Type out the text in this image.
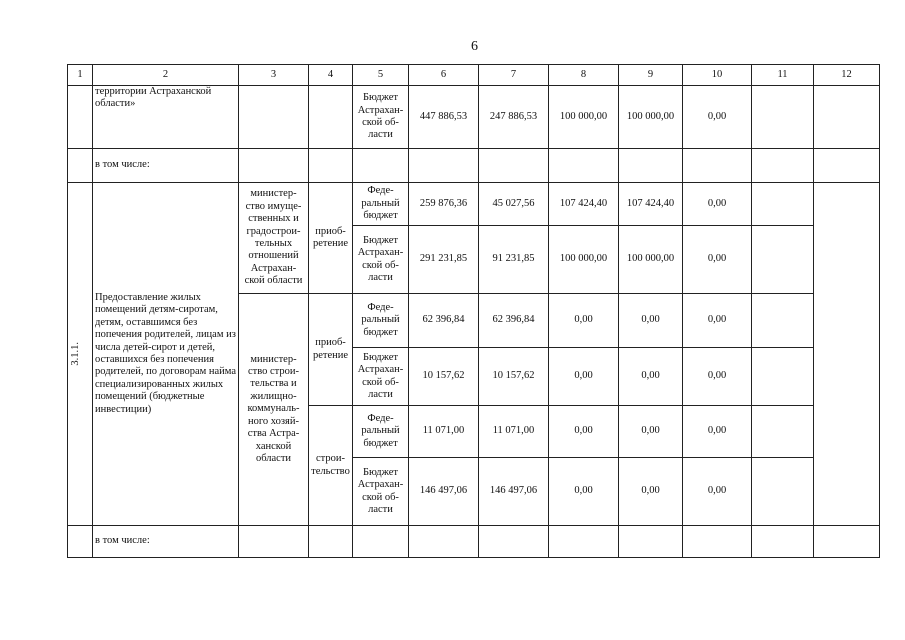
6
1	2	3	4	5	6	7	8	9	10	11	12
	территории Астраханской области»			Бюджет Астрахан-ской об-ласти	447 886,53	247 886,53	100 000,00	100 000,00	0,00		
	в том числе:										

3.1.1.	Предоставление жилых помещений детям-сиротам, детям, оставшимся без попечения родителей, лицам из числа детей-сирот и детей, оставшихся без попечения родителей, по договорам найма специализированных жилых помещений (бюджетные инвестиции)	министер-ство имуще-ственных и градострои-тельных отношений Астрахан-ской области	приоб-ретение	Феде-ральный бюджет	259 876,36	45 027,56	107 424,40	107 424,40	0,00		
				Бюджет Астрахан-ской об-ласти	291 231,85	91 231,85	100 000,00	100 000,00	0,00		
		министер-ство строи-тельства и жилищно-коммуналь-ного хозяй-ства Астра-ханской области	приоб-ретение	Феде-ральный бюджет	62 396,84	62 396,84	0,00	0,00	0,00		
				Бюджет Астрахан-ской об-ласти	10 157,62	10 157,62	0,00	0,00	0,00		
			строи-тельство	Феде-ральный бюджет	11 071,00	11 071,00	0,00	0,00	0,00		
				Бюджет Астрахан-ской об-ласти	146 497,06	146 497,06	0,00	0,00	0,00		
	в том числе:										
